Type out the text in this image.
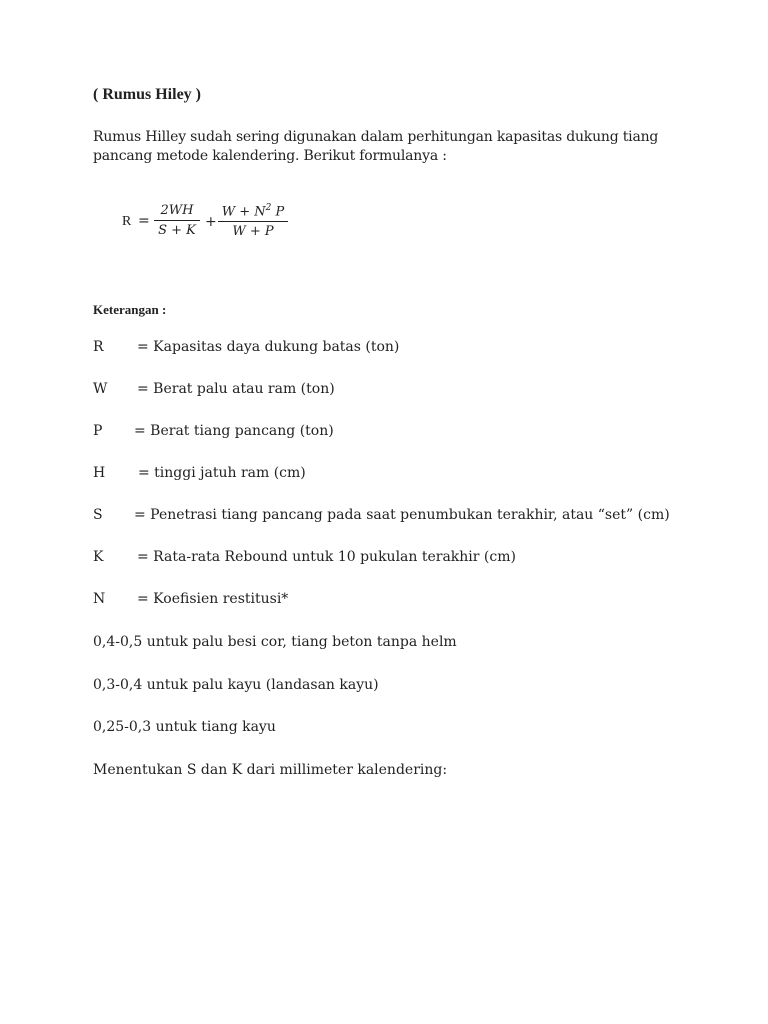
( Rumus Hiley )
Rumus Hilley sudah sering digunakan dalam perhitungan kapasitas dukung tiang pancang metode kalendering. Berikut formulanya :
R =
2WH
S + K
+
$W + N^2$ P
W + P
Keterangan :
R = Kapasitas daya dukung batas (ton)
W = Berat palu atau ram (ton)
P = Berat tiang pancang (ton)
H = tinggi jatuh ram (cm)
S = Penetrasi tiang pancang pada saat penumbukan terakhir, atau “set” (cm)
K = Rata-rata Rebound untuk 10 pukulan terakhir (cm)
N = Koefisien restitusi*
0,4-0,5 untuk palu besi cor, tiang beton tanpa helm
0,3-0,4 untuk palu kayu (landasan kayu)
0,25-0,3 untuk tiang kayu
Menentukan S dan K dari millimeter kalendering:
